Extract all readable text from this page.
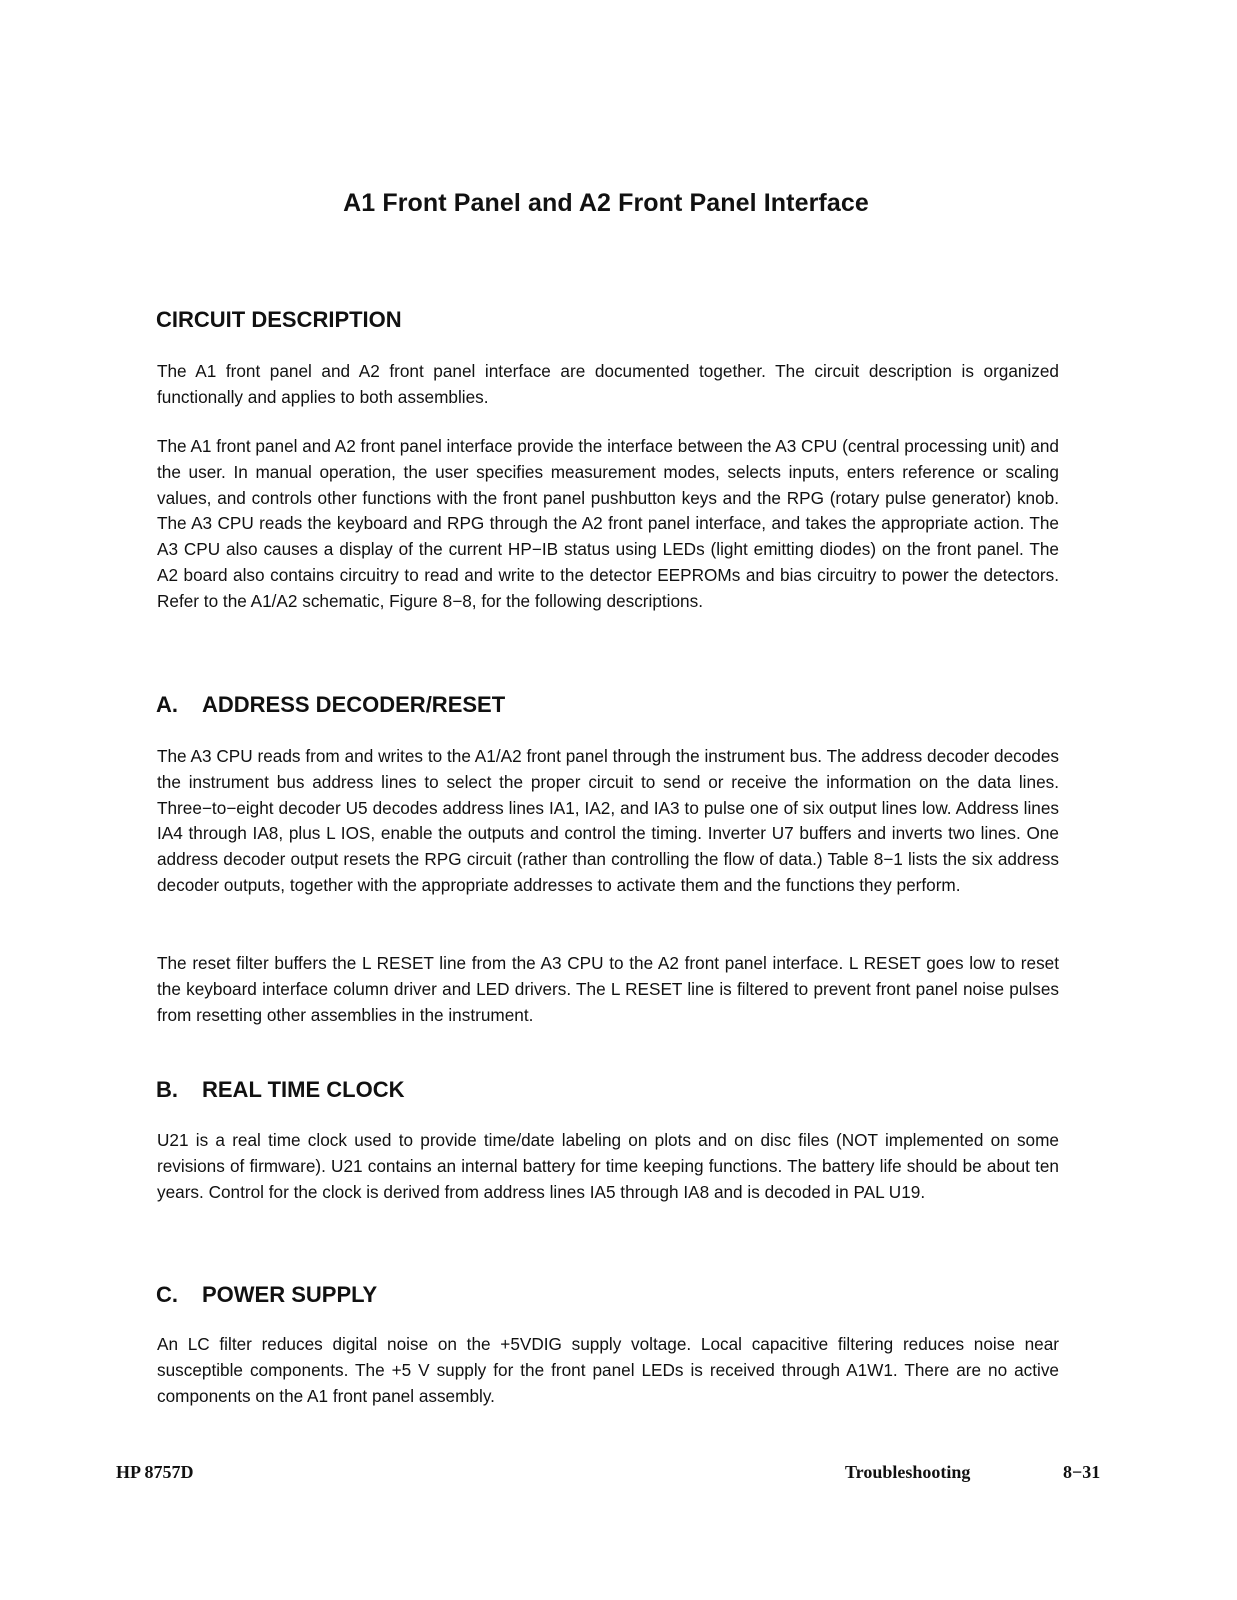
A1 Front Panel and A2 Front Panel Interface
CIRCUIT DESCRIPTION

The A1 front panel and A2 front panel interface are documented together. The circuit description is organized functionally and applies to both assemblies.

The A1 front panel and A2 front panel interface provide the interface between the A3 CPU (central processing unit) and the user. In manual operation, the user specifies measurement modes, selects inputs, enters reference or scaling values, and controls other functions with the front panel pushbutton keys and the RPG (rotary pulse generator) knob. The A3 CPU reads the keyboard and RPG through the A2 front panel interface, and takes the appropriate action. The A3 CPU also causes a display of the current HP−IB status using LEDs (light emitting diodes) on the front panel. The A2 board also contains circuitry to read and write to the detector EEPROMs and bias circuitry to power the detectors. Refer to the A1/A2 schematic, Figure 8−8, for the following descriptions.

A. ADDRESS DECODER/RESET

The A3 CPU reads from and writes to the A1/A2 front panel through the instrument bus. The address decoder decodes the instrument bus address lines to select the proper circuit to send or receive the information on the data lines. Three−to−eight decoder U5 decodes address lines IA1, IA2, and IA3 to pulse one of six output lines low. Address lines IA4 through IA8, plus L IOS, enable the outputs and control the timing. Inverter U7 buffers and inverts two lines. One address decoder output resets the RPG circuit (rather than controlling the flow of data.) Table 8−1 lists the six address decoder outputs, together with the appropriate addresses to activate them and the functions they perform.

The reset filter buffers the L RESET line from the A3 CPU to the A2 front panel interface. L RESET goes low to reset the keyboard interface column driver and LED drivers. The L RESET line is filtered to prevent front panel noise pulses from resetting other assemblies in the instrument.

B. REAL TIME CLOCK

U21 is a real time clock used to provide time/date labeling on plots and on disc files (NOT implemented on some revisions of firmware). U21 contains an internal battery for time keeping functions. The battery life should be about ten years. Control for the clock is derived from address lines IA5 through IA8 and is decoded in PAL U19.

C. POWER SUPPLY

An LC filter reduces digital noise on the +5VDIG supply voltage. Local capacitive filtering reduces noise near susceptible components. The +5 V supply for the front panel LEDs is received through A1W1. There are no active components on the A1 front panel assembly.

HP 8757D	Troubleshooting	8−31
